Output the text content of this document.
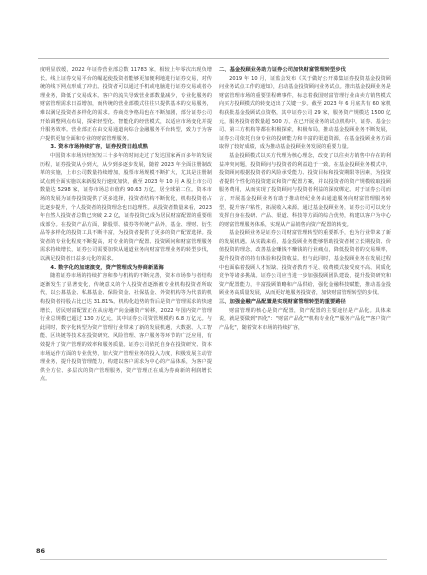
度明显放缓，2022 年证券营业部总数 11783 家，相较上年零次出现负增长。线上证券交易平台的崛起使投资者能够更加便利地进行证券交易，对传统的线下网点形成了冲击。投资者可以通过手机或电脑进行证券交易或者办理业务，降低了交易成本。客户的流失导致营业部数量减少，专业化服务的财富管理需求日益增加，而传统的营业部模式往往只提供基本的交易服务，难以满足投资者多样化的需求。券商竞争格局也在不断加剧，部分证券公司开始调整网点布局，探索轻型化、智能化的经营模式，以适应市场变化并提升服务效率。营业部正在由交易通道向综合金融服务平台转型，致力于为客户提供更加全面和专业的财富管理服务。

3. 资本市场持续扩容，证券投资日趋成熟

中国资本市场历经短短三十多年的时间走过了发达国家两百多年的发展历程，证券投资从小到大，从少到多逐步发展，随着 2023 年全面注册制改革的实施，上市公司数量持续增加，股票市场规模不断扩大，尤其是注册制试点到全面实施以来新股发行速度加快，截至 2023 年 10 月 A 股上市公司数量达 5298 家，证券市场总市值约 90.63 万亿，居全球第二位。资本市场的发展为证券投资提供了更多选择，投资者结构不断优化，机构投资者占比逐步提升，个人投资者的投资理念也日趋理性。从投资者数量来看，2023 年自然人投资者总数已突破 2.2 亿，证券投资已成为居民财富配置的重要组成部分。在投资产品方面，除股票、债券等传统产品外，基金、理财、衍生品等多样化的投资工具不断丰富，为投资者提供了更多的资产配置选择。投资者的专业化程度不断提高，对专业的资产配置、投资顾问和财富管理服务需求持续增长，证券公司需要加快从通道业务向财富管理业务的转型步伐，以满足投资者日益多元化的需求。

4. 数字化的加速演变，资产管理成为券商新蓝海

随着证券市场的持续扩容和参与机构的不断完善，资本市场参与者结构逐渐发生了显著变化，传统意义的个人投资者逐渐被专业机构投资者所取代，以公募基金、私募基金、保险资金、社保基金、外资机构等为代表的机构投资者持股占比已达 31.81%。机构化趋势的背后是资产管理需求的快速增长，居民财富配置正在从房地产向金融资产转移，2022 年国内资产管理行业总规模已超过 130 万亿元，其中证券公司资管规模约 6.8 万亿元。与此同时，数字化转型为资产管理行业带来了新的发展机遇，大数据、人工智能、区块链等技术在投资研究、风险管理、客户服务等环节的广泛应用，有效提升了资产管理的效率和服务质量。证券公司依托自身在投资研究、资本市场运作方面的专业优势，加大资产管理业务的投入力度，积极发展主动管理业务，提升投资管理能力，构建以客户需求为中心的产品体系，为客户提供全方位、多层次的资产管理服务，资产管理正在成为券商新的利润增长点。

二、基金投顾业务助力证券公司加快财富管理转型步伐

2019 年 10 月，证监会发布《关于做好公开募集证券投资基金投资顾问业务试点工作的通知》，启动基金投资顾问业务试点。推出基金投顾业务是财富管理市场的重要里程碑事件，标志着我国财富管理行业由卖方销售模式向买方投顾模式的转变迈出了关键一步。截至 2023 年 6 月底共有 60 家机构获批基金投顾试点资格，其中证券公司 29 家，服务资产规模达 1500 亿元，服务投资者数量超 500 万。在已开展业务的试点机构中，证券、基金公司、第三方机构等都在积极探索，积极布局，推动基金投顾业务不断发展，证券公司依托自身专业的投研能力和丰富的渠道资源，在基金投顾业务方面取得了较好成绩，成为推动基金投顾业务发展的重要力量。

基金投顾模式以买方代理为核心理念，改变了以往卖方销售中存在的利益冲突问题，投资顾问与投资者的利益趋于一致。在基金投顾业务模式中，投资顾问根据投资者的风险承受能力、投资目标和投资期限等因素，为投资者提供个性化的投资建议和资产配置方案，并以投资者的资产规模收取投顾服务费用，从而实现了投资顾问与投资者利益的深度绑定。对于证券公司而言，开展基金投顾业务有助于推动经纪业务由通道服务向财富管理服务转型，提升客户粘性，拓展收入来源。通过基金投顾业务，证券公司可以充分发挥自身在投研、产品、渠道、科技等方面的综合优势，构建以客户为中心的财富管理服务体系，实现从产品销售向资产配置的转变。

基金投顾业务是证券公司财富管理转型的重要抓手，也为行业带来了新的发展机遇。从实践来看，基金投顾业务能够帮助投资者树立长期投资、价值投资的理念，改善基金赚钱不赚钱的行业痛点，降低投资者的交易频率，提升投资者的持有体验和投资收益。但与此同时，基金投顾业务在发展过程中也面临着投顾人才短缺、投资者教育不足、收费模式接受度不高、同质化竞争等诸多挑战。证券公司应当进一步加强投顾团队建设，提升投资研究和资产配置能力，丰富投顾策略和产品供给，强化金融科技赋能，推动基金投顾业务高质量发展，从而更好地服务投资者，加快财富管理转型的步伐。

三、加强金融产品配置是实现财富管理转型的重要路径

财富管理的核心是资产配置，资产配置的主要途径是产品化。具体来说，就是要做到"四化"："财富产品化""机构专业化""服务产品化""客户资产产品化"，随着资本市场的持续扩容，

86
